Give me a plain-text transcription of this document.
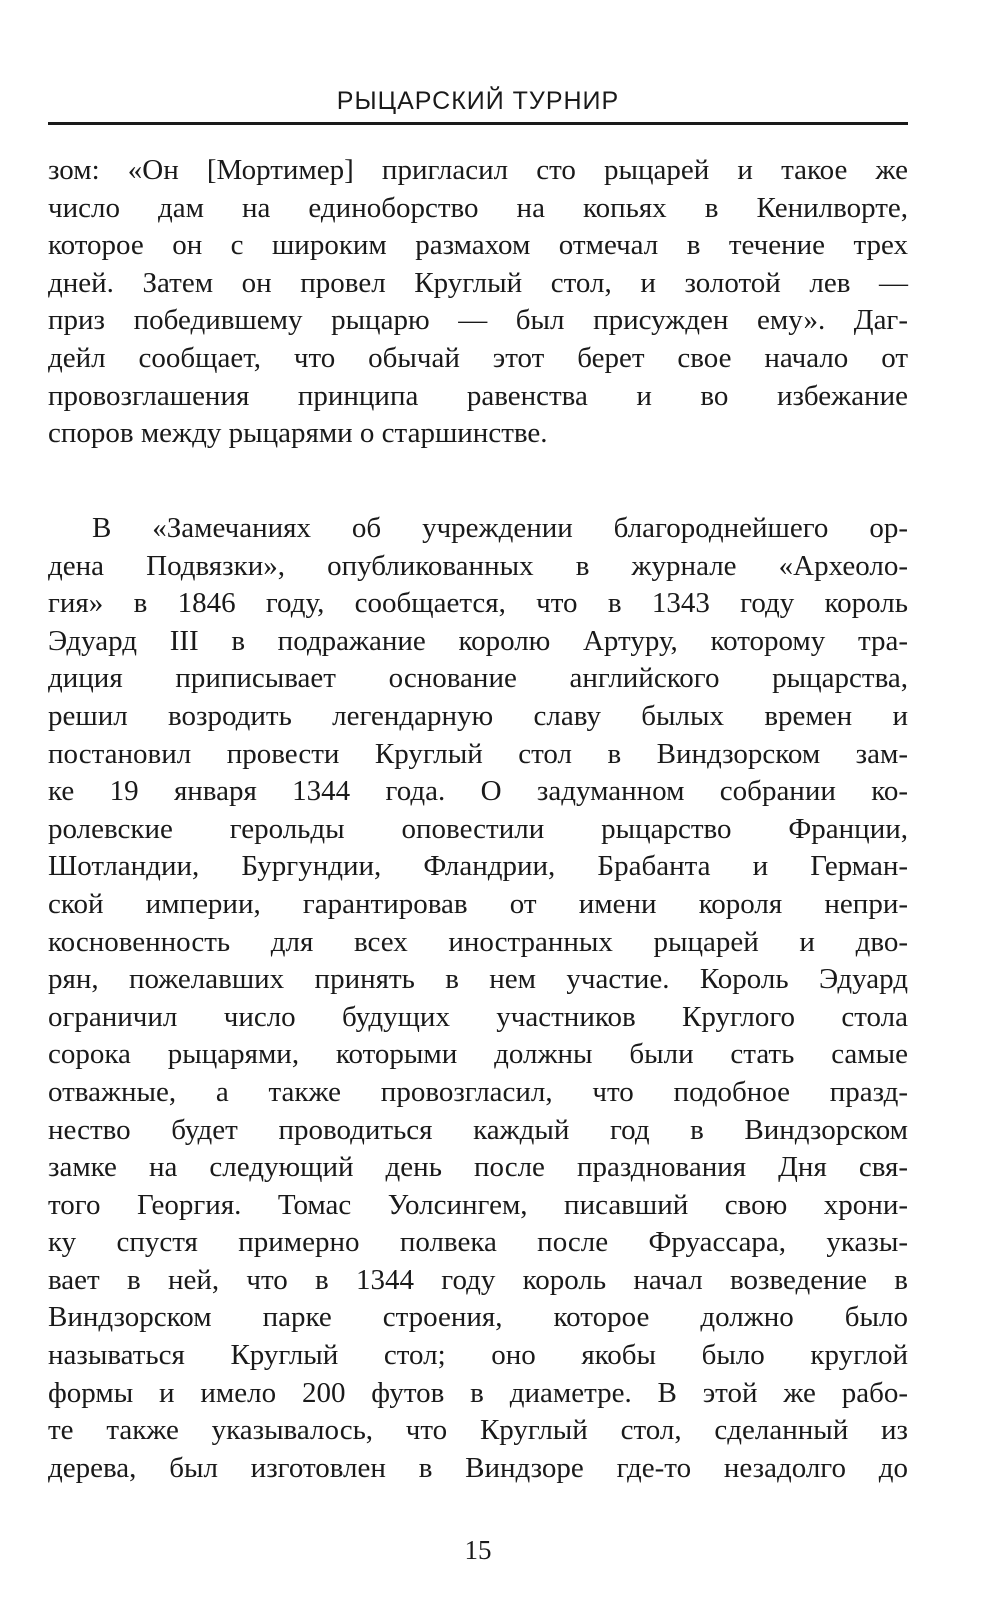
РЫЦАРСКИЙ ТУРНИР
зом: «Он [Мортимер] пригласил сто рыцарей и такое же
число дам на единоборство на копьях в Кенилворте,
которое он с широким размахом отмечал в течение трех
дней. Затем он провел Круглый стол, и золотой лев —
приз победившему рыцарю — был присужден ему». Даг-
дейл сообщает, что обычай этот берет свое начало от
провозглашения принципа равенства и во избежание
споров между рыцарями о старшинстве.
В «Замечаниях об учреждении благороднейшего ор-
дена Подвязки», опубликованных в журнале «Археоло-
гия» в 1846 году, сообщается, что в 1343 году король
Эдуард III в подражание королю Артуру, которому тра-
диция приписывает основание английского рыцарства,
решил возродить легендарную славу былых времен и
постановил провести Круглый стол в Виндзорском зам-
ке 19 января 1344 года. О задуманном собрании ко-
ролевские герольды оповестили рыцарство Франции,
Шотландии, Бургундии, Фландрии, Брабанта и Герман-
ской империи, гарантировав от имени короля непри-
косновенность для всех иностранных рыцарей и дво-
рян, пожелавших принять в нем участие. Король Эдуард
ограничил число будущих участников Круглого стола
сорока рыцарями, которыми должны были стать самые
отважные, а также провозгласил, что подобное празд-
нество будет проводиться каждый год в Виндзорском
замке на следующий день после празднования Дня свя-
того Георгия. Томас Уолсингем, писавший свою хрони-
ку спустя примерно полвека после Фруассара, указы-
вает в ней, что в 1344 году король начал возведение в
Виндзорском парке строения, которое должно было
называться Круглый стол; оно якобы было круглой
формы и имело 200 футов в диаметре. В этой же рабо-
те также указывалось, что Круглый стол, сделанный из
дерева, был изготовлен в Виндзоре где-то незадолго до
15
